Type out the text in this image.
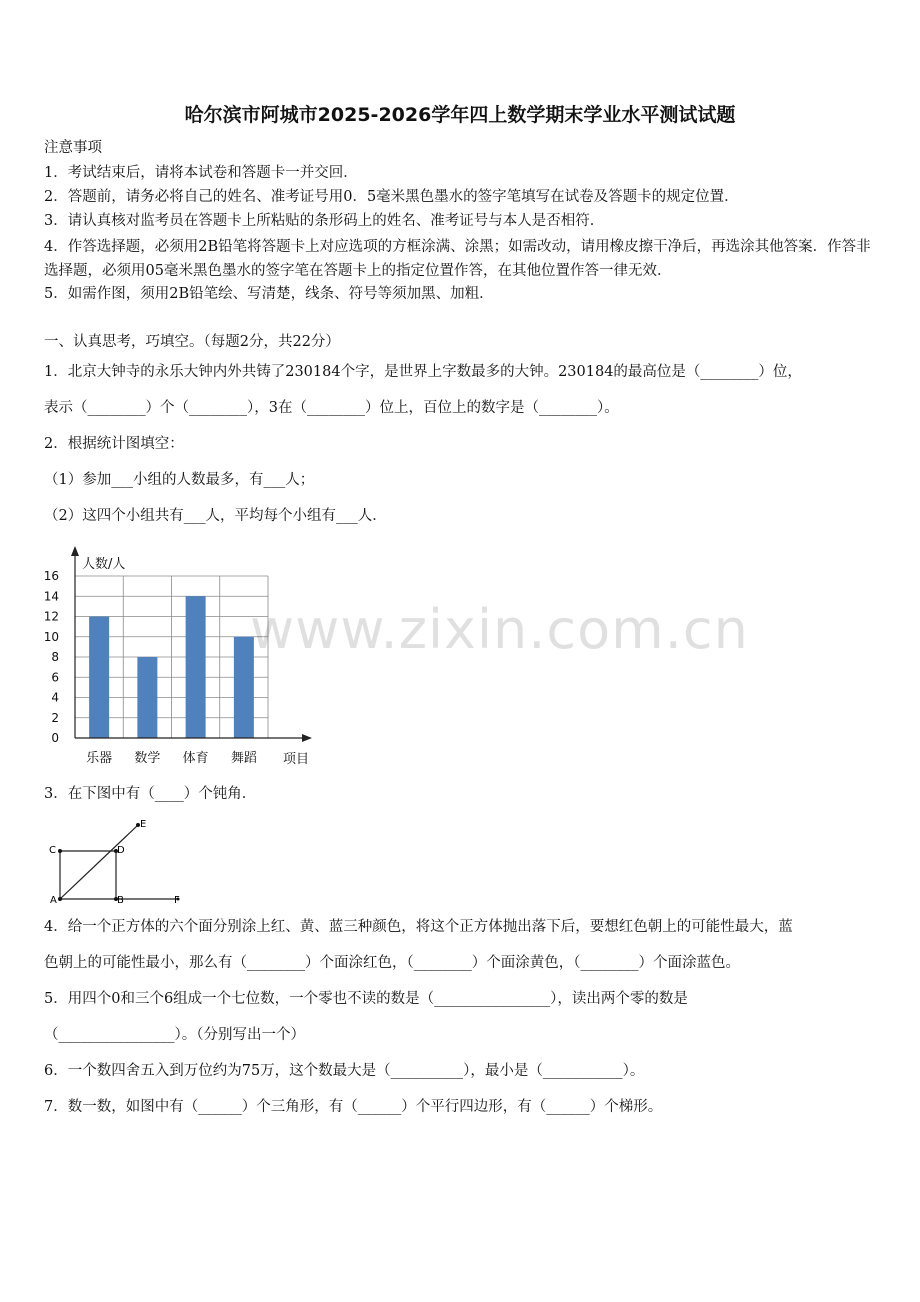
哈尔滨市阿城市2025-2026学年四上数学期末学业水平测试试题
注意事项
1．考试结束后，请将本试卷和答题卡一并交回．
2．答题前，请务必将自己的姓名、准考证号用0．5毫米黑色墨水的签字笔填写在试卷及答题卡的规定位置．
3．请认真核对监考员在答题卡上所粘贴的条形码上的姓名、准考证号与本人是否相符．
4．作答选择题，必须用2B铅笔将答题卡上对应选项的方框涂满、涂黑；如需改动，请用橡皮擦干净后，再选涂其他答案．作答非选择题，必须用05毫米黑色墨水的签字笔在答题卡上的指定位置作答，在其他位置作答一律无效．
5．如需作图，须用2B铅笔绘、写清楚，线条、符号等须加黑、加粗．
一、认真思考，巧填空。（每题2分，共22分）
1．北京大钟寺的永乐大钟内外共铸了230184个字，是世界上字数最多的大钟。230184的最高位是（________）位，
表示（________）个（________），3在（________）位上，百位上的数字是（________）。
2．根据统计图填空：
（1）参加___小组的人数最多，有___人；
（2）这四个小组共有___人，平均每个小组有___人．
0
2
4
6
8
10
12
14
16
乐器 数学 体育 舞蹈
人数/人
项目
www.zixin.com.cn
3．在下图中有（____）个钝角．
A	B
C	D
E
F
4．给一个正方体的六个面分别涂上红、黄、蓝三种颜色，将这个正方体抛出落下后，要想红色朝上的可能性最大，蓝
色朝上的可能性最小，那么有（________）个面涂红色，（________）个面涂黄色，（________）个面涂蓝色。
5．用四个0和三个6组成一个七位数，一个零也不读的数是（________________），读出两个零的数是
（________________）。（分别写出一个）
6．一个数四舍五入到万位约为75万，这个数最大是（__________），最小是（___________）。
7．数一数，如图中有（______）个三角形，有（______）个平行四边形，有（______）个梯形。
